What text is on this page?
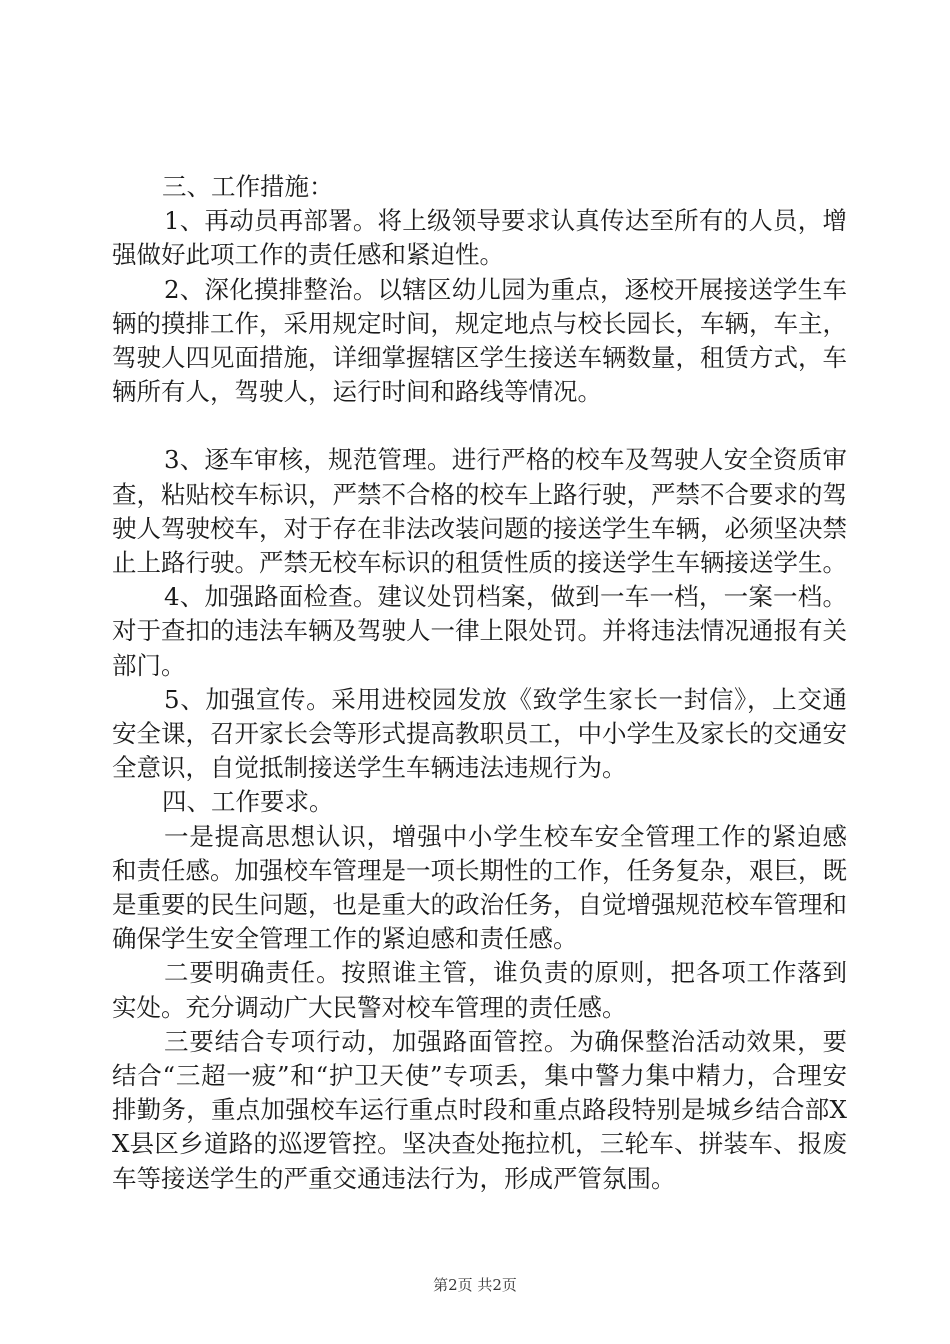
三、工作措施：

1、再动员再部署。将上级领导要求认真传达至所有的人员，增强做好此项工作的责任感和紧迫性。

2、深化摸排整治。以辖区幼儿园为重点，逐校开展接送学生车辆的摸排工作，采用规定时间，规定地点与校长园长，车辆，车主，驾驶人四见面措施，详细掌握辖区学生接送车辆数量，租赁方式，车辆所有人，驾驶人，运行时间和路线等情况。

3、逐车审核，规范管理。进行严格的校车及驾驶人安全资质审查，粘贴校车标识，严禁不合格的校车上路行驶，严禁不合要求的驾驶人驾驶校车，对于存在非法改装问题的接送学生车辆，必须坚决禁止上路行驶。严禁无校车标识的租赁性质的接送学生车辆接送学生。

4、加强路面检查。建议处罚档案，做到一车一档，一案一档。对于查扣的违法车辆及驾驶人一律上限处罚。并将违法情况通报有关部门。

5、加强宣传。采用进校园发放《致学生家长一封信》，上交通安全课，召开家长会等形式提高教职员工，中小学生及家长的交通安全意识，自觉抵制接送学生车辆违法违规行为。

四、工作要求。

一是提高思想认识，增强中小学生校车安全管理工作的紧迫感和责任感。加强校车管理是一项长期性的工作，任务复杂，艰巨，既是重要的民生问题，也是重大的政治任务，自觉增强规范校车管理和确保学生安全管理工作的紧迫感和责任感。

二要明确责任。按照谁主管，谁负责的原则，把各项工作落到实处。充分调动广大民警对校车管理的责任感。

三要结合专项行动，加强路面管控。为确保整治活动效果，要结合“三超一疲”和“护卫天使”专项丢，集中警力集中精力，合理安排勤务，重点加强校车运行重点时段和重点路段特别是城乡结合部XX县区乡道路的巡逻管控。坚决查处拖拉机，三轮车、拼装车、报废车等接送学生的严重交通违法行为，形成严管氛围。

第2页 共2页
